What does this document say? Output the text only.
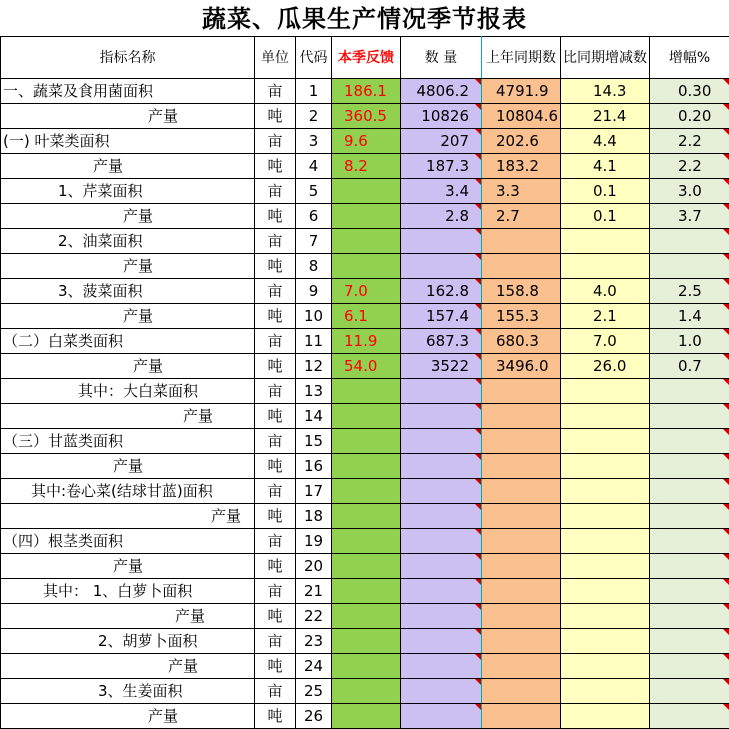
蔬菜、瓜果生产情况季节报表
指标名称	单位	代码	本季反馈	数 量	上年同期数	比同期增减数	增幅%
一、蔬菜及食用菌面积	亩	1	186.1	4806.2	4791.9	14.3	0.30
产量	吨	2	360.5	10826	10804.6	21.4	0.20
(一) 叶菜类面积	亩	3	9.6	207	202.6	4.4	2.2
产量	吨	4	8.2	187.3	183.2	4.1	2.2
1、芹菜面积	亩	5		3.4	3.3	0.1	3.0
产量	吨	6		2.8	2.7	0.1	3.7
2、油菜面积	亩	7					
产量	吨	8					
3、菠菜面积	亩	9	7.0	162.8	158.8	4.0	2.5
产量	吨	10	6.1	157.4	155.3	2.1	1.4
（二）白菜类面积	亩	11	11.9	687.3	680.3	7.0	1.0
产量	吨	12	54.0	3522	3496.0	26.0	0.7
其中：大白菜面积	亩	13					
产量	吨	14					
（三）甘蓝类面积	亩	15					
产量	吨	16					
其中:卷心菜(结球甘蓝)面积	亩	17					
产量	吨	18					
（四）根茎类面积	亩	19					
产量	吨	20					
其中： 1、白萝卜面积	亩	21					
产量	吨	22					
2、胡萝卜面积	亩	23					
产量	吨	24					
3、生姜面积	亩	25					
产量	吨	26					
